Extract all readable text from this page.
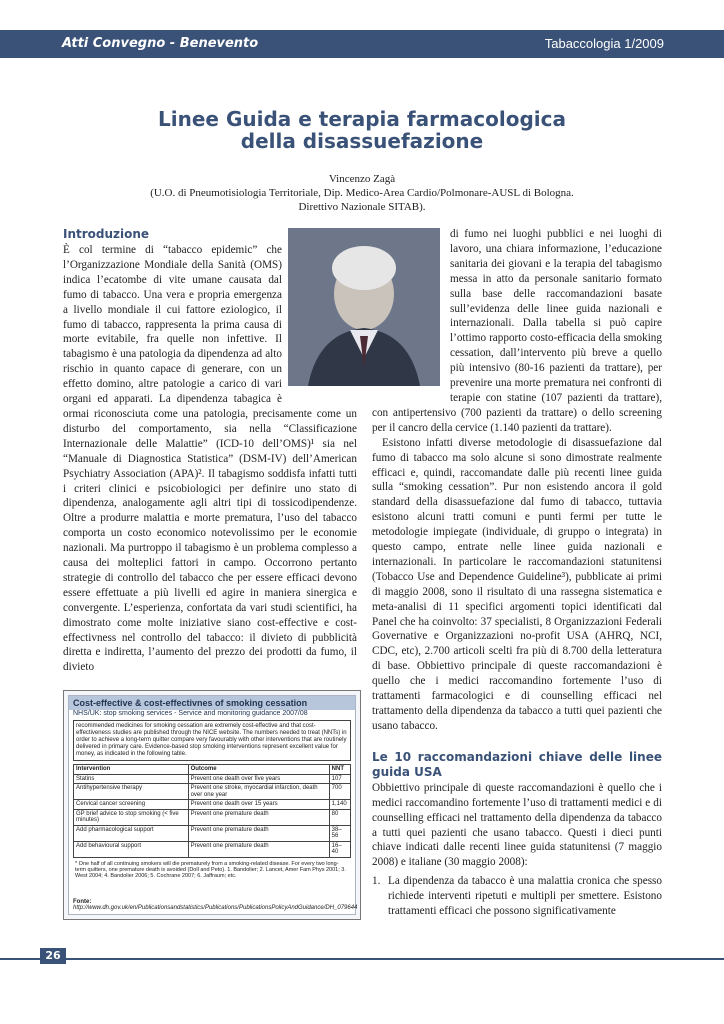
Atti Convegno - Benevento	Tabaccologia 1/2009
Linee Guida e terapia farmacologica
della disassuefazione
Vincenzo Zagà
(U.O. di Pneumotisiologia Territoriale, Dip. Medico-Area Cardio/Polmonare-AUSL di Bologna.
Direttivo Nazionale SITAB).
Introduzione

È col termine di “tabacco epidemic” che l’Organizzazione Mondiale della Sanità (OMS) indica l’ecatombe di vite umane causata dal fumo di tabacco. Una vera e propria emergenza a livello mondiale il cui fattore eziologico, il fumo di tabacco, rappresenta la prima causa di morte evitabile, fra quelle non infettive. Il tabagismo è una patologia da dipendenza ad alto rischio in quanto capace di generare, con un effetto domino, altre patologie a carico di vari organi ed apparati. La dipendenza tabagica è ormai riconosciuta come una patologia, precisamente come un disturbo del comportamento, sia nella “Classificazione Internazionale delle Malattie” (ICD-10 dell’OMS)¹ sia nel “Manuale di Diagnostica Statistica” (DSM-IV) dell’American Psychiatry Association (APA)². Il tabagismo soddisfa infatti tutti i criteri clinici e psicobiologici per definire uno stato di dipendenza, analogamente agli altri tipi di tossicodipendenze. Oltre a produrre malattia e morte prematura, l’uso del tabacco comporta un costo economico notevolissimo per le economie nazionali. Ma purtroppo il tabagismo è un problema complesso a causa dei molteplici fattori in campo. Occorrono pertanto strategie di controllo del tabacco che per essere efficaci devono essere effettuate a più livelli ed agire in maniera sinergica e convergente. L’esperienza, confortata da vari studi scientifici, ha dimostrato come molte iniziative siano cost-effective e cost-effectivness nel controllo del tabacco: il divieto di pubblicità diretta e indiretta, l’aumento del prezzo dei prodotti da fumo, il divieto

di fumo nei luoghi pubblici e nei luoghi di lavoro, una chiara informazione, l’educazione sanitaria dei giovani e la terapia del tabagismo messa in atto da personale sanitario formato sulla base delle raccomandazioni basate sull’evidenza delle linee guida nazionali e internazionali. Dalla tabella si può capire l’ottimo rapporto costo-efficacia della smoking cessation, dall’intervento più breve a quello più intensivo (80-16 pazienti da trattare), per prevenire una morte prematura nei confronti di terapie con statine (107 pazienti da trattare), con antipertensivo (700 pazienti da trattare) o dello screening per il cancro della cervice (1.140 pazienti da trattare).

Esistono infatti diverse metodologie di disassuefazione dal fumo di tabacco ma solo alcune si sono dimostrate realmente efficaci e, quindi, raccomandate dalle più recenti linee guida sulla “smoking cessation”. Pur non esistendo ancora il gold standard della disassuefazione dal fumo di tabacco, tuttavia esistono alcuni tratti comuni e punti fermi per tutte le metodologie impiegate (individuale, di gruppo o integrata) in questo campo, entrate nelle linee guida nazionali e internazionali. In particolare le raccomandazioni statunitensi (Tobacco Use and Dependence Guideline³), pubblicate ai primi di maggio 2008, sono il risultato di una rassegna sistematica e meta-analisi di 11 specifici argomenti topici identificati dal Panel che ha coinvolto: 37 specialisti, 8 Organizzazioni Federali Governative e Organizzazioni no-profit USA (AHRQ, NCI, CDC, etc), 2.700 articoli scelti fra più di 8.700 della letteratura di base. Obbiettivo principale di queste raccomandazioni è quello che i medici raccomandino fortemente l’uso di trattamenti farmacologici e di counselling efficaci nel trattamento della dipendenza da tabacco a tutti quei pazienti che usano tabacco.

Le 10 raccomandazioni chiave delle linee guida USA

Obbiettivo principale di queste raccomandazioni è quello che i medici raccomandino fortemente l’uso di trattamenti medici e di counselling efficaci nel trattamento della dipendenza da tabacco a tutti quei pazienti che usano tabacco. Questi i dieci punti chiave indicati dalle recenti linee guida statunitensi (7 maggio 2008) e italiane (30 maggio 2008):

1. La dipendenza da tabacco è una malattia cronica che spesso richiede interventi ripetuti e multipli per smettere. Esistono trattamenti efficaci che possono significativamente
Cost-effective & cost-effectivnes of smoking cessation
NHS/UK: stop smoking services - Service and monitoring guidance 2007/08
recommended medicines for smoking cessation are extremely cost-effective and that cost-effectiveness studies are published through the NICE website. The numbers needed to treat (NNTs) in order to achieve a long-term quitter compare very favourably with other interventions that are routinely delivered in primary care. Evidence-based stop smoking interventions represent excellent value for money, as indicated in the following table.
Intervention	Outcome	NNT
Statins	Prevent one death over five years	107
Antihypertensive therapy	Prevent one stroke, myocardial infarction, death over one year	700
Cervical cancer screening	Prevent one death over 15 years	1,140
GP brief advice to stop smoking (< five minutes)	Prevent one premature death	80
Add pharmacological support	Prevent one premature death	38–56
Add behavioural support	Prevent one premature death	16–40
* One half of all continuing smokers will die prematurely from a smoking-related disease. For every two long-term quitters, one premature death is avoided (Doll and Peto). 1. Bandolier; 2. Lancet, Amer Fam Phys 2001; 3. West 2004; 4. Bandolier 2006; 5. Cochrane 2007; 6. Jaffraum; etc.
Fonte: http://www.dh.gov.uk/en/Publicationsandstatistics/Publications/PublicationsPolicyAndGuidance/DH_079644
26
